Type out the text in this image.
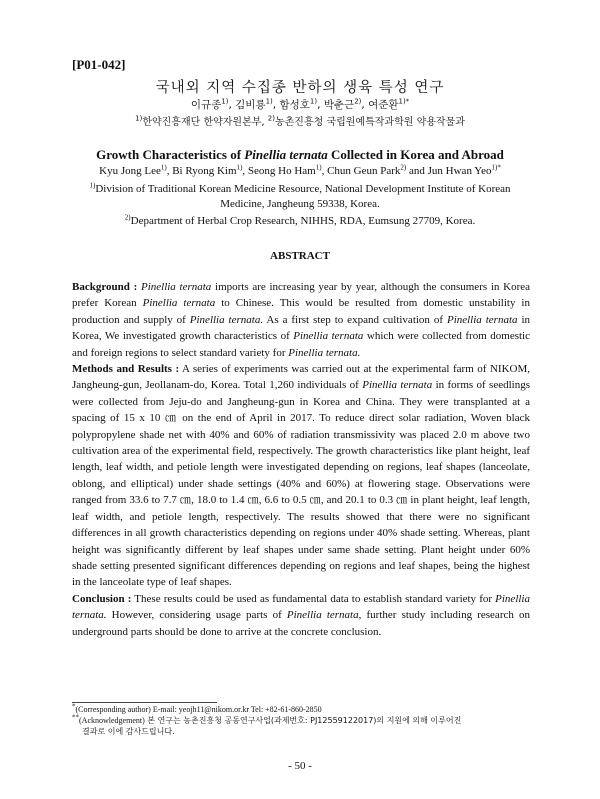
[P01-042]
국내외 지역 수집종 반하의 생육 특성 연구
이규종$^{1)}$, 김비룡$^{1)}$, 함성호$^{1)}$, 박춘근$^{2)}$, 여준환$^{1)*}$
$^{1)}$한약진흥재단 한약자원본부, $^{2)}$농촌진흥청 국립원예특작과학원 약용작물과
Growth Characteristics of Pinellia ternata Collected in Korea and Abroad
Kyu Jong Lee$^{1)}$, Bi Ryong Kim$^{1)}$, Seong Ho Ham$^{1)}$, Chun Geun Park$^{2)}$ and Jun Hwan Yeo$^{1)*}$
$^{1)}$Division of Traditional Korean Medicine Resource, National Development Institute of Korean
Medicine, Jangheung 59338, Korea.
$^{2)}$Department of Herbal Crop Research, NIHHS, RDA, Eumsung 27709, Korea.
ABSTRACT

Background : Pinellia ternata imports are increasing year by year, although the consumers in Korea prefer Korean Pinellia ternata to Chinese. This would be resulted from domestic unstability in production and supply of Pinellia ternata. As a first step to expand cultivation of Pinellia ternata in Korea, We investigated growth characteristics of Pinellia ternata which were collected from domestic and foreign regions to select standard variety for Pinellia ternata.

Methods and Results : A series of experiments was carried out at the experimental farm of NIKOM, Jangheung-gun, Jeollanam-do, Korea. Total 1,260 individuals of Pinellia ternata in forms of seedlings were collected from Jeju-do and Jangheung-gun in Korea and China. They were transplanted at a spacing of 15 x 10 ㎝ on the end of April in 2017. To reduce direct solar radiation, Woven black polypropylene shade net with 40% and 60% of radiation transmissivity was placed 2.0 m above two cultivation area of the experimental field, respectively. The growth characteristics like plant height, leaf length, leaf width, and petiole length were investigated depending on regions, leaf shapes (lanceolate, oblong, and elliptical) under shade settings (40% and 60%) at flowering stage. Observations were ranged from 33.6 to 7.7 ㎝, 18.0 to 1.4 ㎝, 6.6 to 0.5 ㎝, and 20.1 to 0.3 ㎝ in plant height, leaf length, leaf width, and petiole length, respectively. The results showed that there were no significant differences in all growth characteristics depending on regions under 40% shade setting. Whereas, plant height was significantly different by leaf shapes under same shade setting. Plant height under 60% shade setting presented significant differences depending on regions and leaf shapes, being the highest in the lanceolate type of leaf shapes.

Conclusion : These results could be used as fundamental data to establish standard variety for Pinellia ternata. However, considering usage parts of Pinellia ternata, further study including research on underground parts should be done to arrive at the concrete conclusion.

*(Corresponding author) E-mail: yeojh11@nikom.or.kr Tel: +82-61-860-2850
**(Acknowledgement) 본 연구는 농촌진흥청 공동연구사업(과제번호: PJ12559122017)의 지원에 의해 이루어진
결과로 이에 감사드립니다.
- 50 -
